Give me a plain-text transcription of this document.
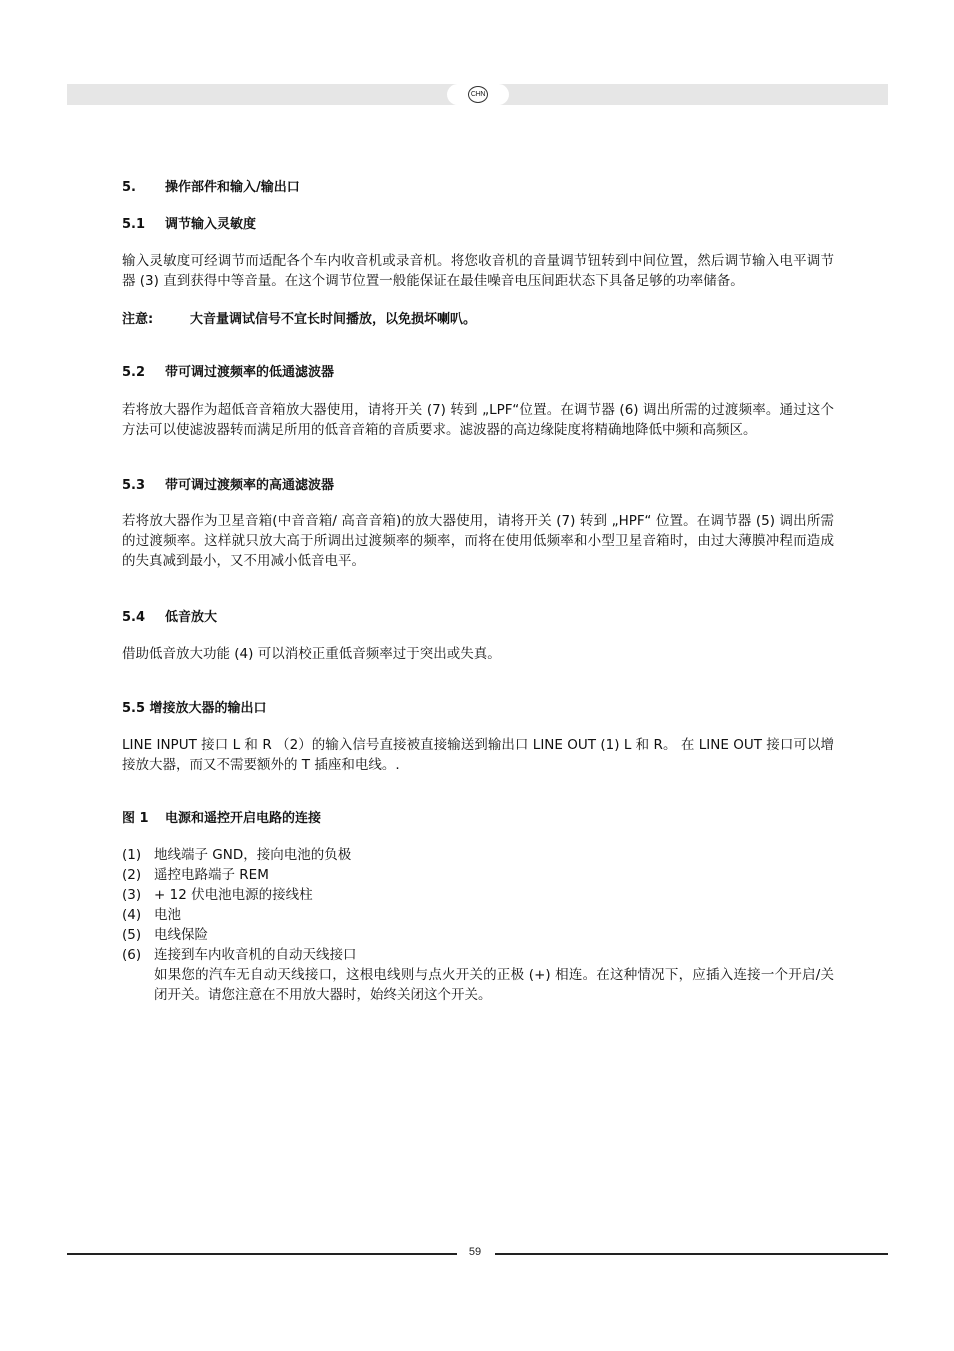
CHN

5. 操作部件和输入/输出口

5.1 调节输入灵敏度

输入灵敏度可经调节而适配各个车内收音机或录音机。将您收音机的音量调节钮转到中间位置，然后调节输入电平调节器 (3) 直到获得中等音量。在这个调节位置一般能保证在最佳噪音电压间距状态下具备足够的功率储备。

注意:	大音量调试信号不宜长时间播放，以免损坏喇叭。

5.2 带可调过渡频率的低通滤波器

若将放大器作为超低音音箱放大器使用，请将开关 (7) 转到 „LPF“位置。在调节器 (6) 调出所需的过渡频率。通过这个方法可以使滤波器转而满足所用的低音音箱的音质要求。滤波器的高边缘陡度将精确地降低中频和高频区。

5.3 带可调过渡频率的高通滤波器

若将放大器作为卫星音箱(中音音箱/ 高音音箱)的放大器使用，请将开关 (7) 转到 „HPF“ 位置。在调节器 (5) 调出所需的过渡频率。这样就只放大高于所调出过渡频率的频率，而将在使用低频率和小型卫星音箱时，由过大薄膜冲程而造成的失真减到最小，又不用减小低音电平。

5.4 低音放大

借助低音放大功能 (4) 可以消校正重低音频率过于突出或失真。

5.5 增接放大器的输出口

LINE INPUT 接口 L 和 R （2）的输入信号直接被直接输送到输出口 LINE OUT (1) L 和 R。 在 LINE OUT 接口可以增接放大器，而又不需要额外的 T 插座和电线。.

图 1 电源和遥控开启电路的连接

(1) 地线端子 GND，接向电池的负极
(2) 遥控电路端子 REM
(3) + 12 伏电池电源的接线柱
(4) 电池
(5) 电线保险
(6) 连接到车内收音机的自动天线接口
如果您的汽车无自动天线接口，这根电线则与点火开关的正极 (+) 相连。在这种情况下，应插入连接一个开启/关闭开关。请您注意在不用放大器时，始终关闭这个开关。
59
